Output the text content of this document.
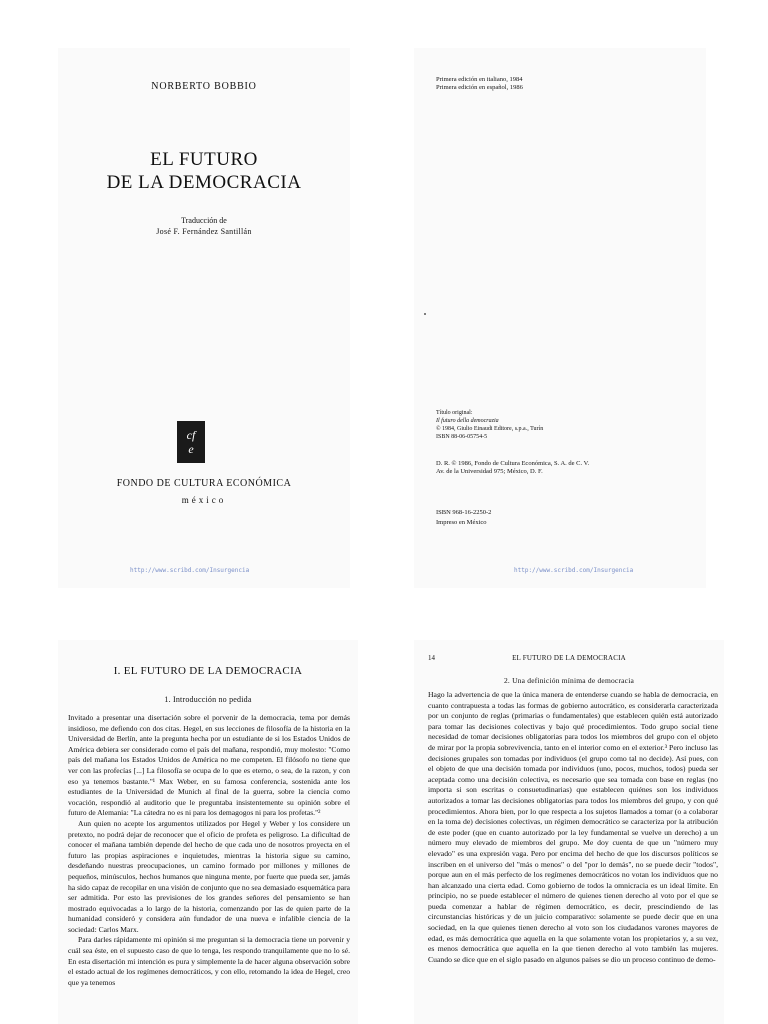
NORBERTO BOBBIO
EL FUTURO
DE LA DEMOCRACIA
Traducción de
José F. Fernández Santillán
cf
e
FONDO DE CULTURA ECONÓMICA
méxico
http://www.scribd.com/Insurgencia
Primera edición en italiano, 1984
Primera edición en español, 1986
Título original:
Il futuro della democrazia
© 1984, Giulio Einaudi Editore, s.p.a., Turín
ISBN 88-06-05754-5
D. R. © 1986, Fondo de Cultura Económica, S. A. de C. V.
Av. de la Universidad 975; México, D. F.
ISBN 968-16-2250-2
Impreso en México
http://www.scribd.com/Insurgencia
I. EL FUTURO DE LA DEMOCRACIA
1. Introducción no pedida

Invitado a presentar una disertación sobre el porvenir de la democracia, tema por demás insidioso, me defiendo con dos citas. Hegel, en sus lecciones de filosofía de la historia en la Universidad de Berlín, ante la pregunta hecha por un estudiante de si los Estados Unidos de América debiera ser considerado como el país del mañana, respondió, muy molesto: "Como país del mañana los Estados Unidos de América no me competen. El filósofo no tiene que ver con las profecías [...] La filosofía se ocupa de lo que es eterno, o sea, de la razon, y con eso ya tenemos bastante."¹ Max Weber, en su famosa conferencia, sostenida ante los estudiantes de la Universidad de Munich al final de la guerra, sobre la ciencia como vocación, respondió al auditorio que le preguntaba insistentemente su opinión sobre el futuro de Alemania: "La cátedra no es ni para los demagogos ni para los profetas."²

Aun quien no acepte los argumentos utilizados por Hegel y Weber y los considere un pretexto, no podrá dejar de reconocer que el oficio de profeta es peligroso. La dificultad de conocer el mañana también depende del hecho de que cada uno de nosotros proyecta en el futuro las propias aspiraciones e inquietudes, mientras la historia sigue su camino, desdeñando nuestras preocupaciones, un camino formado por millones y millones de pequeños, minúsculos, hechos humanos que ninguna mente, por fuerte que pueda ser, jamás ha sido capaz de recopilar en una visión de conjunto que no sea demasiado esquemática para ser admitida. Por esto las previsiones de los grandes señores del pensamiento se han mostrado equivocadas a lo largo de la historia, comenzando por las de quien parte de la humanidad consideró y considera aún fundador de una nueva e infalible ciencia de la sociedad: Carlos Marx.

Para darles rápidamente mi opinión si me preguntan si la democracia tiene un porvenir y cuál sea éste, en el supuesto caso de que lo tenga, les respondo tranquilamente que no lo sé. En esta disertación mi intención es pura y simplemente la de hacer alguna observación sobre el estado actual de los regímenes democráticos, y con ello, retomando la idea de Hegel, creo que ya tenemos

14	EL FUTURO DE LA DEMOCRACIA
2. Una definición mínima de democracia

Hago la advertencia de que la única manera de entenderse cuando se habla de democracia, en cuanto contrapuesta a todas las formas de gobierno autocrático, es considerarla caracterizada por un conjunto de reglas (primarias o fundamentales) que establecen quién está autorizado para tomar las decisiones colectivas y bajo qué procedimientos. Todo grupo social tiene necesidad de tomar decisiones obligatorias para todos los miembros del grupo con el objeto de mirar por la propia sobrevivencia, tanto en el interior como en el exterior.³ Pero incluso las decisiones grupales son tomadas por individuos (el grupo como tal no decide). Así pues, con el objeto de que una decisión tomada por individuos (uno, pocos, muchos, todos) pueda ser aceptada como una decisión colectiva, es necesario que sea tomada con base en reglas (no importa si son escritas o consuetudinarias) que establecen quiénes son los individuos autorizados a tomar las decisiones obligatorias para todos los miembros del grupo, y con qué procedimientos. Ahora bien, por lo que respecta a los sujetos llamados a tomar (o a colaborar en la toma de) decisiones colectivas, un régimen democrático se caracteriza por la atribución de este poder (que en cuanto autorizado por la ley fundamental se vuelve un derecho) a un número muy elevado de miembros del grupo. Me doy cuenta de que un "número muy elevado" es una expresión vaga. Pero por encima del hecho de que los discursos políticos se inscriben en el universo del "más o menos" o del "por lo demás", no se puede decir "todos", porque aun en el más perfecto de los regímenes democráticos no votan los individuos que no han alcanzado una cierta edad. Como gobierno de todos la omnicracia es un ideal límite. En principio, no se puede establecer el número de quienes tienen derecho al voto por el que se pueda comenzar a hablar de régimen democrático, es decir, prescindiendo de las circunstancias históricas y de un juicio comparativo: solamente se puede decir que en una sociedad, en la que quienes tienen derecho al voto son los ciudadanos varones mayores de edad, es más democrática que aquella en la que solamente votan los propietarios y, a su vez, es menos democrática que aquella en la que tienen derecho al voto también las mujeres. Cuando se dice que en el siglo pasado en algunos países se dio un proceso continuo de demo-
